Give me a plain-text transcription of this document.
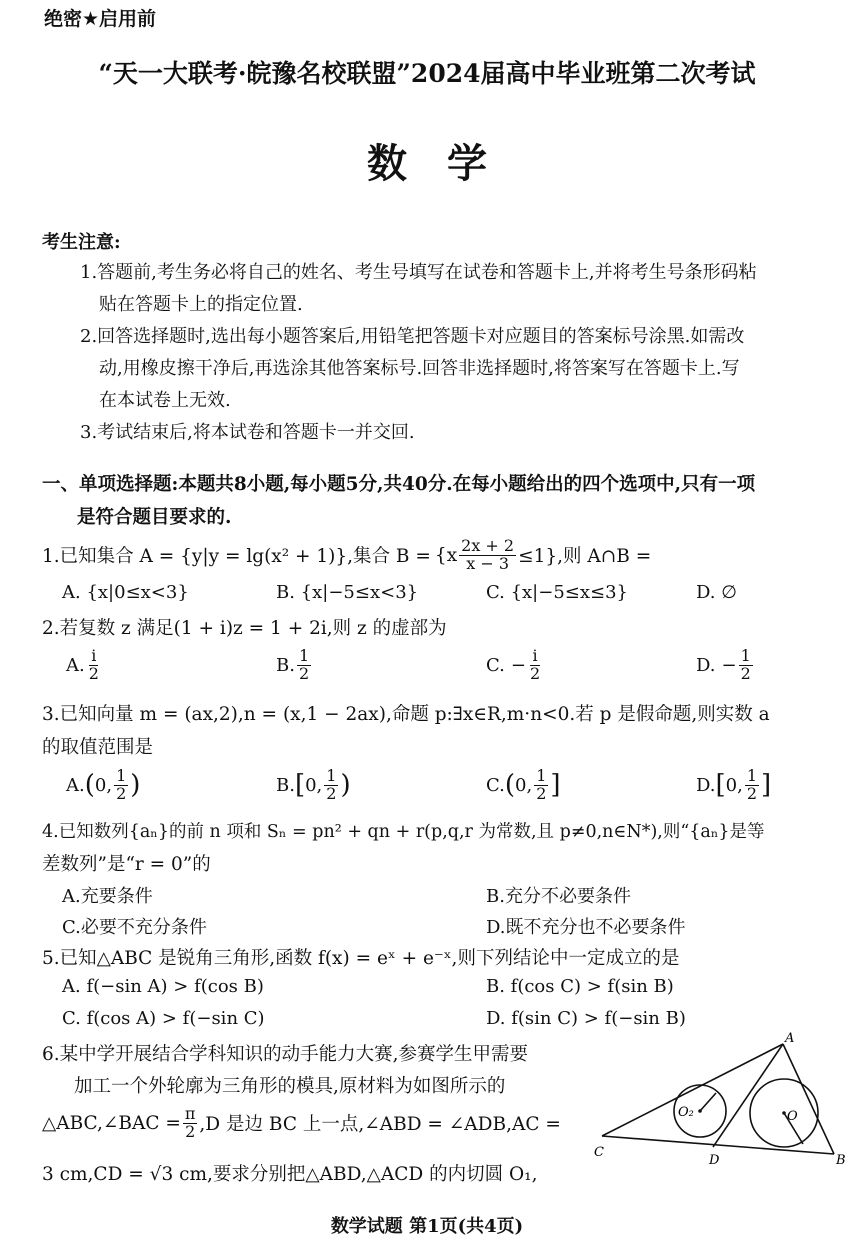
绝密★启用前
“天一大联考·皖豫名校联盟”2024届高中毕业班第二次考试
数学
考生注意:
1.答题前,考生务必将自己的姓名、考生号填写在试卷和答题卡上,并将考生号条形码粘
贴在答题卡上的指定位置.
2.回答选择题时,选出每小题答案后,用铅笔把答题卡对应题目的答案标号涂黑.如需改
动,用橡皮擦干净后,再选涂其他答案标号.回答非选择题时,将答案写在答题卡上.写
在本试卷上无效.
3.考试结束后,将本试卷和答题卡一并交回.
一、单项选择题:本题共8小题,每小题5分,共40分.在每小题给出的四个选项中,只有一项
是符合题目要求的.
1.已知集合 A = {y|y = lg(x² + 1)},集合 $B = \{x \frac{2x + 2}{x - 3} \le 1\}$,则 A∩B =
A. {x|0≤x<3}	B. {x|−5≤x<3}	C. {x|−5≤x≤3}	D. ∅
2.若复数 z 满足(1 + i)z = 1 + 2i,则 z 的虚部为
A. $\frac{i}{2}$	B. $\frac{1}{2}$	C. − $\frac{i}{2}$	D. − $\frac{1}{2}$
3.已知向量 m = (ax,2),n = (x,1 − 2ax),命题 p:∃x∈R,m·n<0.若 p 是假命题,则实数 a
的取值范围是
A. ( 0, $\frac{1}{2}$ )	B. [ 0, $\frac{1}{2}$ )	C. ( 0, $\frac{1}{2}$ ]	D. [ 0, $\frac{1}{2}$ ]
4.已知数列{aₙ}的前 n 项和 Sₙ = pn² + qn + r(p,q,r 为常数,且 p≠0,n∈N*),则“{aₙ}是等
差数列”是“r = 0”的
A.充要条件	B.充分不必要条件
C.必要不充分条件	D.既不充分也不必要条件
5.已知△ABC 是锐角三角形,函数 f(x) = eˣ + e⁻ˣ,则下列结论中一定成立的是
A. f(−sin A) > f(cos B)	B. f(cos C) > f(sin B)
C. f(cos A) > f(−sin C)	D. f(sin C) > f(−sin B)
6.某中学开展结合学科知识的动手能力大赛,参赛学生甲需要
加工一个外轮廓为三角形的模具,原材料为如图所示的
△ABC,∠BAC = $\frac{\pi}{2} ,D$ 是边 BC 上一点,∠ABD = ∠ADB,AC =
3 cm,CD = √3 cm,要求分别把△ABD,△ACD 的内切圆 O₁,
A
B
C
D
O₂	O
数学试题 第1页(共4页)
